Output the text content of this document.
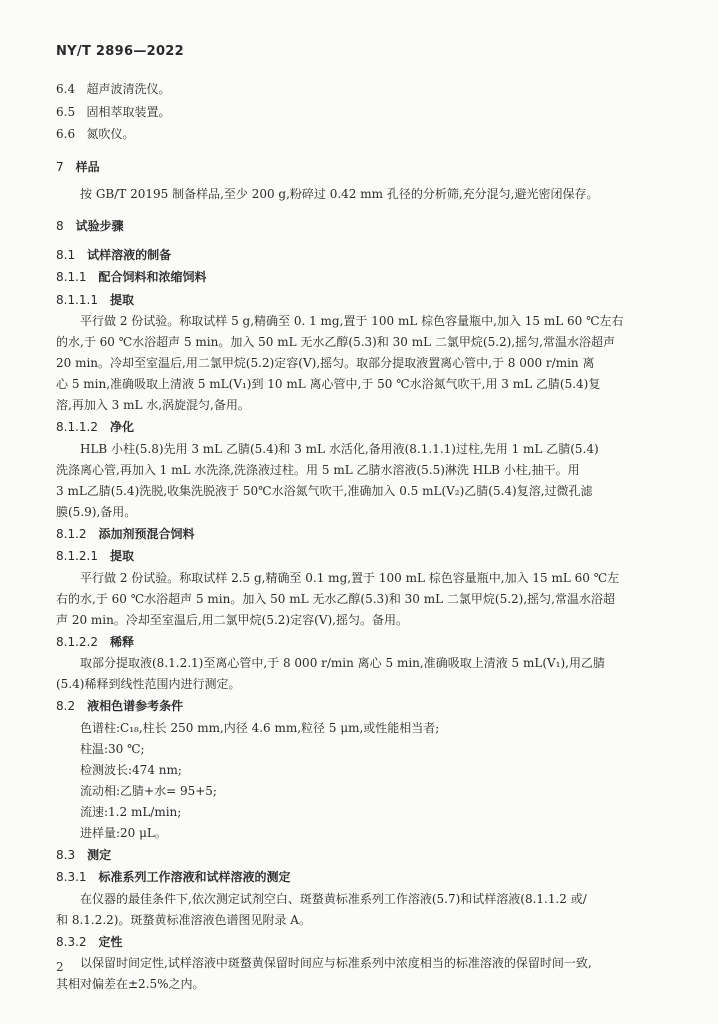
NY/T 2896—2022
6.4 超声波清洗仪。
6.5 固相萃取装置。
6.6 氮吹仪。
7 样品
按 GB/T 20195 制备样品,至少 200 g,粉碎过 0.42 mm 孔径的分析筛,充分混匀,避光密闭保存。
8 试验步骤
8.1 试样溶液的制备
8.1.1 配合饲料和浓缩饲料
8.1.1.1 提取
平行做 2 份试验。称取试样 5 g,精确至 0. 1 mg,置于 100 mL 棕色容量瓶中,加入 15 mL 60 ℃左右
的水,于 60 ℃水浴超声 5 min。加入 50 mL 无水乙醇(5.3)和 30 mL 二氯甲烷(5.2),摇匀,常温水浴超声
20 min。冷却至室温后,用二氯甲烷(5.2)定容(V),摇匀。取部分提取液置离心管中,于 8 000 r/min 离
心 5 min,准确吸取上清液 5 mL(V₁)到 10 mL 离心管中,于 50 ℃水浴氮气吹干,用 3 mL 乙腈(5.4)复
溶,再加入 3 mL 水,涡旋混匀,备用。
8.1.1.2 净化
HLB 小柱(5.8)先用 3 mL 乙腈(5.4)和 3 mL 水活化,备用液(8.1.1.1)过柱,先用 1 mL 乙腈(5.4)
洗涤离心管,再加入 1 mL 水洗涤,洗涤液过柱。用 5 mL 乙腈水溶液(5.5)淋洗 HLB 小柱,抽干。用
3 mL乙腈(5.4)洗脱,收集洗脱液于 50℃水浴氮气吹干,准确加入 0.5 mL(V₂)乙腈(5.4)复溶,过微孔滤
膜(5.9),备用。
8.1.2 添加剂预混合饲料
8.1.2.1 提取
平行做 2 份试验。称取试样 2.5 g,精确至 0.1 mg,置于 100 mL 棕色容量瓶中,加入 15 mL 60 ℃左
右的水,于 60 ℃水浴超声 5 min。加入 50 mL 无水乙醇(5.3)和 30 mL 二氯甲烷(5.2),摇匀,常温水浴超
声 20 min。冷却至室温后,用二氯甲烷(5.2)定容(V),摇匀。备用。
8.1.2.2 稀释
取部分提取液(8.1.2.1)至离心管中,于 8 000 r/min 离心 5 min,准确吸取上清液 5 mL(V₁),用乙腈
(5.4)稀释到线性范围内进行测定。
8.2 液相色谱参考条件
色谱柱:C₁₈,柱长 250 mm,内径 4.6 mm,粒径 5 μm,或性能相当者;
柱温:30 ℃;
检测波长:474 nm;
流动相:乙腈+水= 95+5;
流速:1.2 mL/min;
进样量:20 μL。
8.3 测定
8.3.1 标准系列工作溶液和试样溶液的测定
在仪器的最佳条件下,依次测定试剂空白、斑蝥黄标准系列工作溶液(5.7)和试样溶液(8.1.1.2 或/
和 8.1.2.2)。斑蝥黄标准溶液色谱图见附录 A。
8.3.2 定性
以保留时间定性,试样溶液中斑蝥黄保留时间应与标准系列中浓度相当的标准溶液的保留时间一致,
其相对偏差在±2.5%之内。
2
